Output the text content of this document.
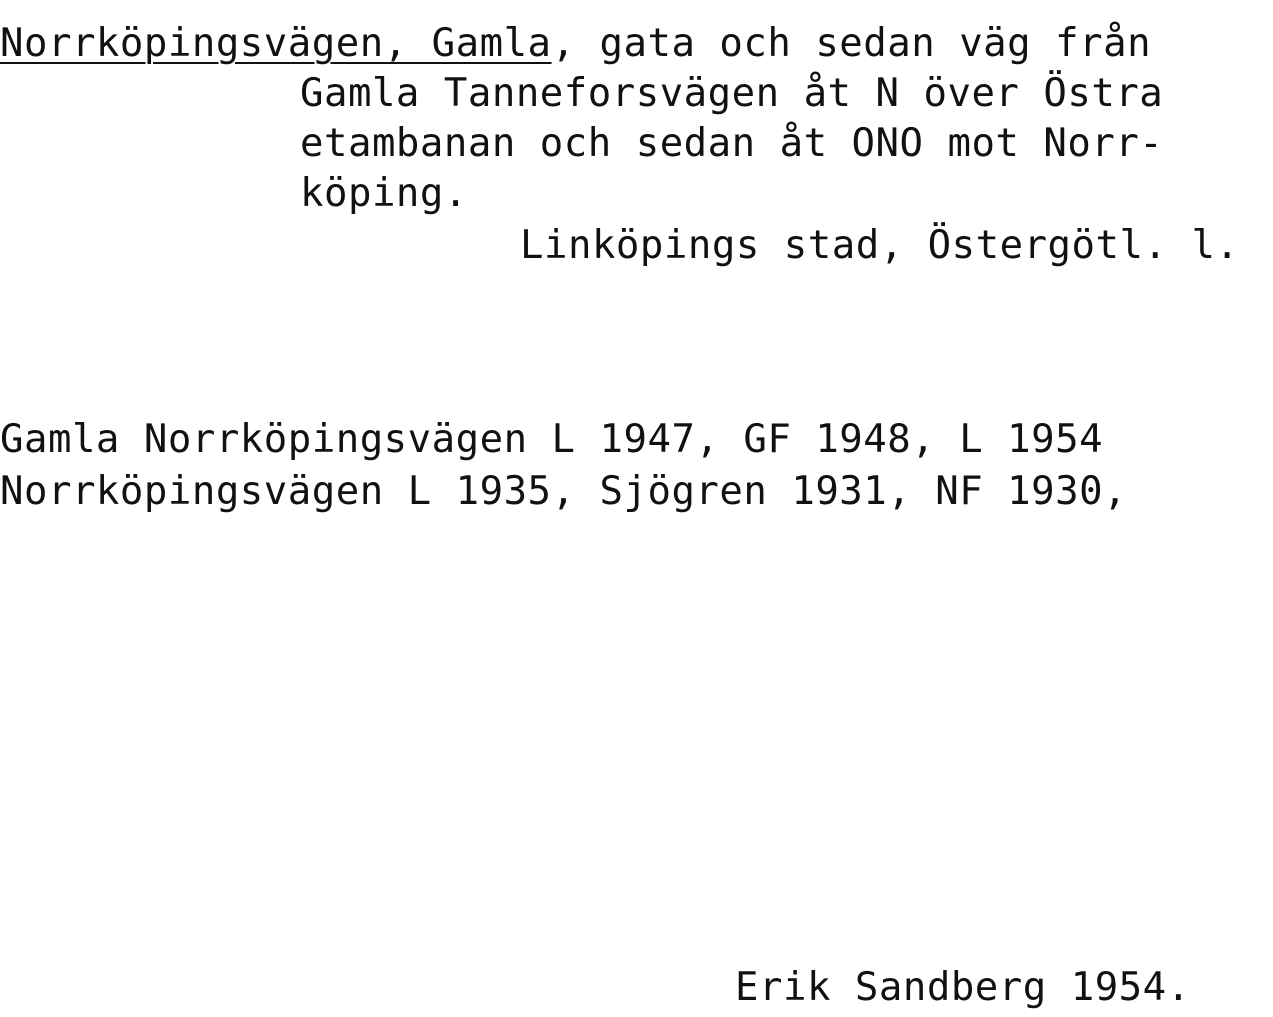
Norrköpingsvägen, Gamla, gata och sedan väg från
Gamla Tanneforsvägen åt N över Östra
etambanan och sedan åt ONO mot Norr-
köping.
Linköpings stad, Östergötl. l.
Gamla Norrköpingsvägen L 1947, GF 1948, L 1954
Norrköpingsvägen L 1935, Sjögren 1931, NF 1930,
Erik Sandberg 1954.
